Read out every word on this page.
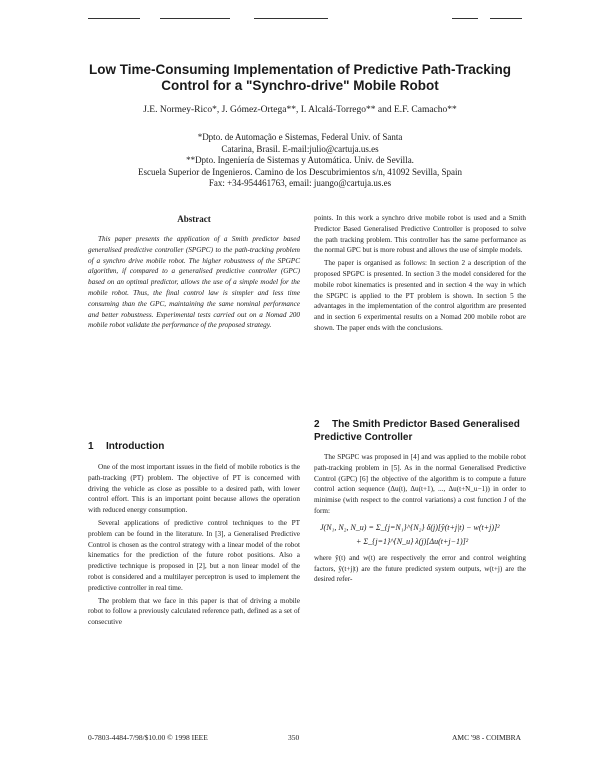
Low Time-Consuming Implementation of Predictive Path-Tracking
Control for a "Synchro-drive" Mobile Robot
J.E. Normey-Rico*, J. Gómez-Ortega**, I. Alcalá-Torrego** and E.F. Camacho**
*Dpto. de Automação e Sistemas, Federal Univ. of Santa
Catarina, Brasil. E-mail:julio@cartuja.us.es
**Dpto. Ingeniería de Sistemas y Automática. Univ. de Sevilla.
Escuela Superior de Ingenieros. Camino de los Descubrimientos s/n, 41092 Sevilla, Spain
Fax: +34-954461763, email: juango@cartuja.us.es
Abstract

This paper presents the application of a Smith predictor based generalised predictive controller (SPGPC) to the path-tracking problem of a synchro drive mobile robot. The higher robustness of the SPGPC algorithm, if compared to a generalised predictive controller (GPC) based on an optimal predictor, allows the use of a simple model for the mobile robot. Thus, the final control law is simpler and less time consuming than the GPC, maintaining the same nominal performance and better robustness. Experimental tests carried out on a Nomad 200 mobile robot validate the performance of the proposed strategy.

1 Introduction

One of the most important issues in the field of mobile robotics is the path-tracking (PT) problem. The objective of PT is concerned with driving the vehicle as close as possible to a desired path, with lower control effort. This is an important point because allows the operation with reduced energy consumption.

Several applications of predictive control techniques to the PT problem can be found in the literature. In [3], a Generalised Predictive Control is chosen as the control strategy with a linear model of the robot kinematics for the prediction of the future robot positions. Also a predictive technique is proposed in [2], but a non linear model of the robot is considered and a multilayer perceptron is used to implement the predictive controller in real time.

The problem that we face in this paper is that of driving a mobile robot to follow a previously calculated reference path, defined as a set of consecutive

points. In this work a synchro drive mobile robot is used and a Smith Predictor Based Generalised Predictive Controller is proposed to solve the path tracking problem. This controller has the same performance as the normal GPC but is more robust and allows the use of simple models.

The paper is organised as follows: In section 2 a description of the proposed SPGPC is presented. In section 3 the model considered for the mobile robot kinematics is presented and in section 4 the way in which the SPGPC is applied to the PT problem is shown. In section 5 the advantages in the implementation of the control algorithm are presented and in section 6 experimental results on a Nomad 200 mobile robot are shown. The paper ends with the conclusions.

2 The Smith Predictor Based Generalised Predictive Controller

The SPGPC was proposed in [4] and was applied to the mobile robot path-tracking problem in [5]. As in the normal Generalised Predictive Control (GPC) [6] the objective of the algorithm is to compute a future control action sequence (Δu(t), Δu(t+1), ..., Δu(t+N_u−1)) in order to minimise (with respect to the control variations) a cost function J of the form:

J(N₁, N₂, N_u) = Σ_{j=N₁}^{N₂} δ(j)[ŷ(t+j|t) − w(t+j)]²
+ Σ_{j=1}^{N_u} λ(j)[Δu(t+j−1)]²

where ŷ(t) and w(t) are respectively the error and control weighting factors, ŷ(t+j|t) are the future predicted system outputs, w(t+j) are the desired refer-

0-7803-4484-7/98/$10.00 © 1998 IEEE	350	AMC '98 - COIMBRA
